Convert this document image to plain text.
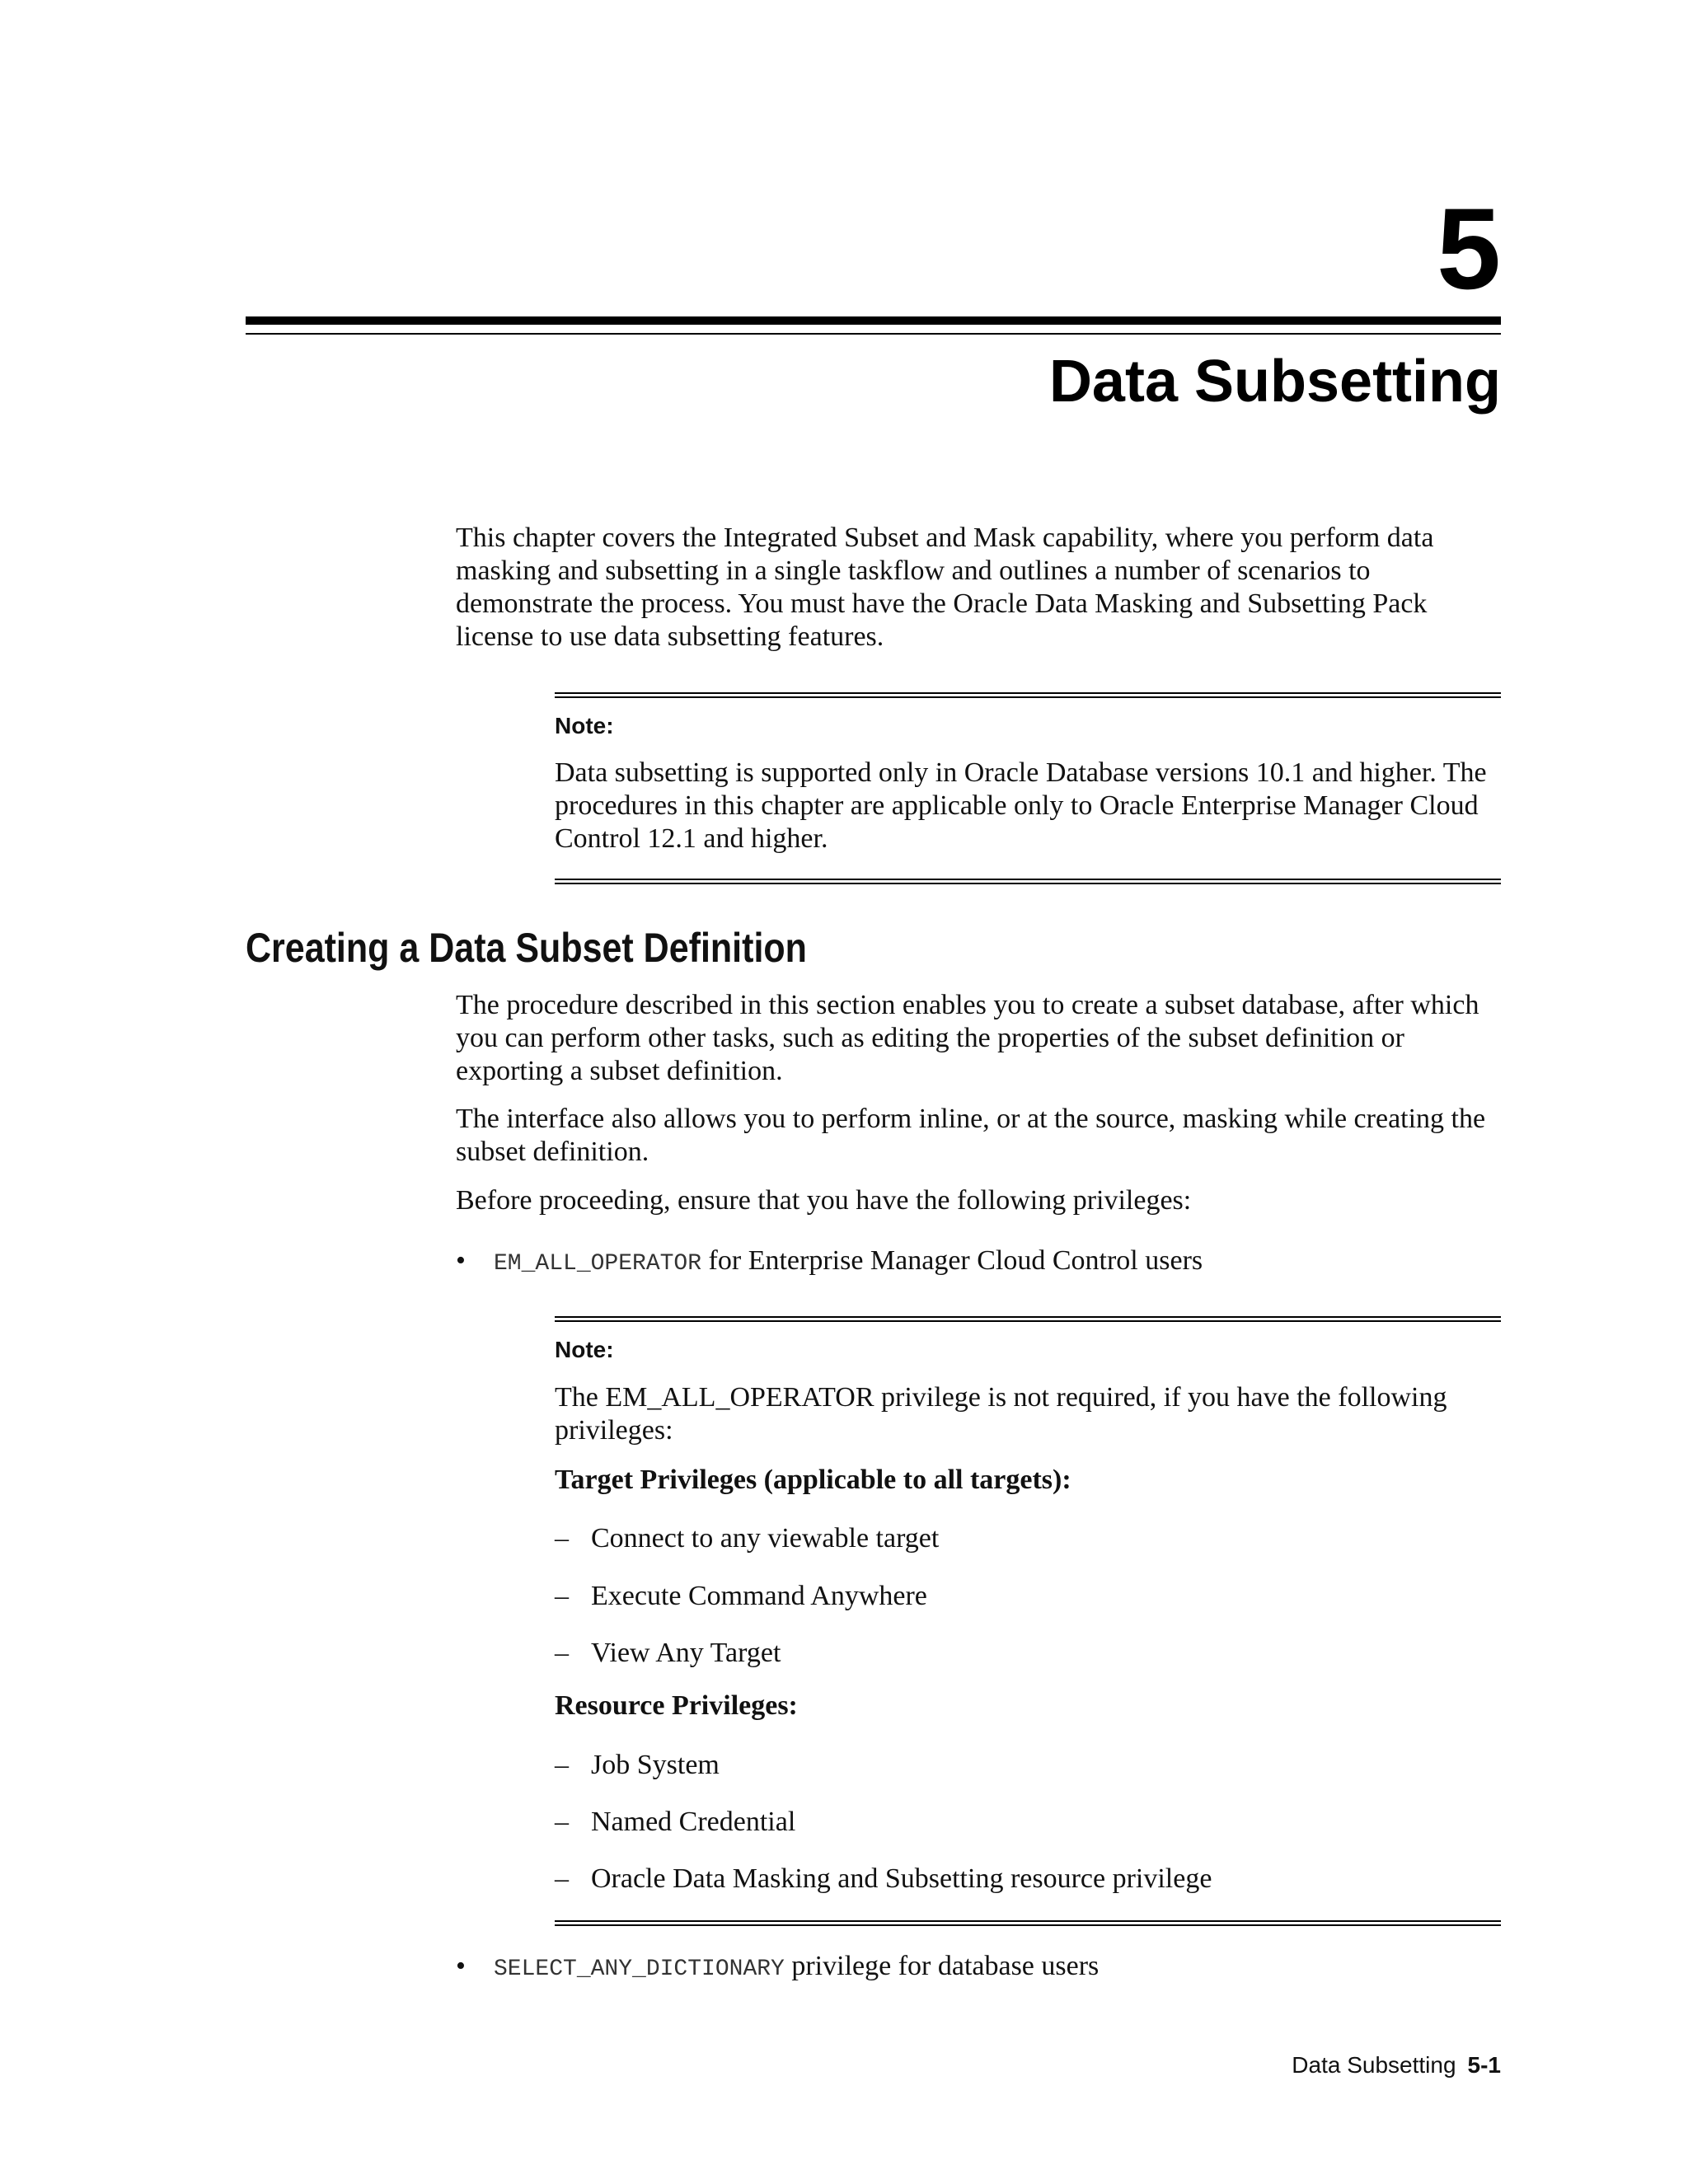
5
Data Subsetting

This chapter covers the Integrated Subset and Mask capability, where you perform data masking and subsetting in a single taskflow and outlines a number of scenarios to demonstrate the process. You must have the Oracle Data Masking and Subsetting Pack license to use data subsetting features.

Note:

Data subsetting is supported only in Oracle Database versions 10.1 and higher. The procedures in this chapter are applicable only to Oracle Enterprise Manager Cloud Control 12.1 and higher.

Creating a Data Subset Definition

The procedure described in this section enables you to create a subset database, after which you can perform other tasks, such as editing the properties of the subset definition or exporting a subset definition.

The interface also allows you to perform inline, or at the source, masking while creating the subset definition.

Before proceeding, ensure that you have the following privileges:

• EM_ALL_OPERATOR for Enterprise Manager Cloud Control users
Note:

The EM_ALL_OPERATOR privilege is not required, if you have the following privileges:

Target Privileges (applicable to all targets):
– Connect to any viewable target
– Execute Command Anywhere
– View Any Target
Resource Privileges:
– Job System
– Named Credential
– Oracle Data Masking and Subsetting resource privilege
• SELECT_ANY_DICTIONARY privilege for database users
Data Subsetting 5-1
